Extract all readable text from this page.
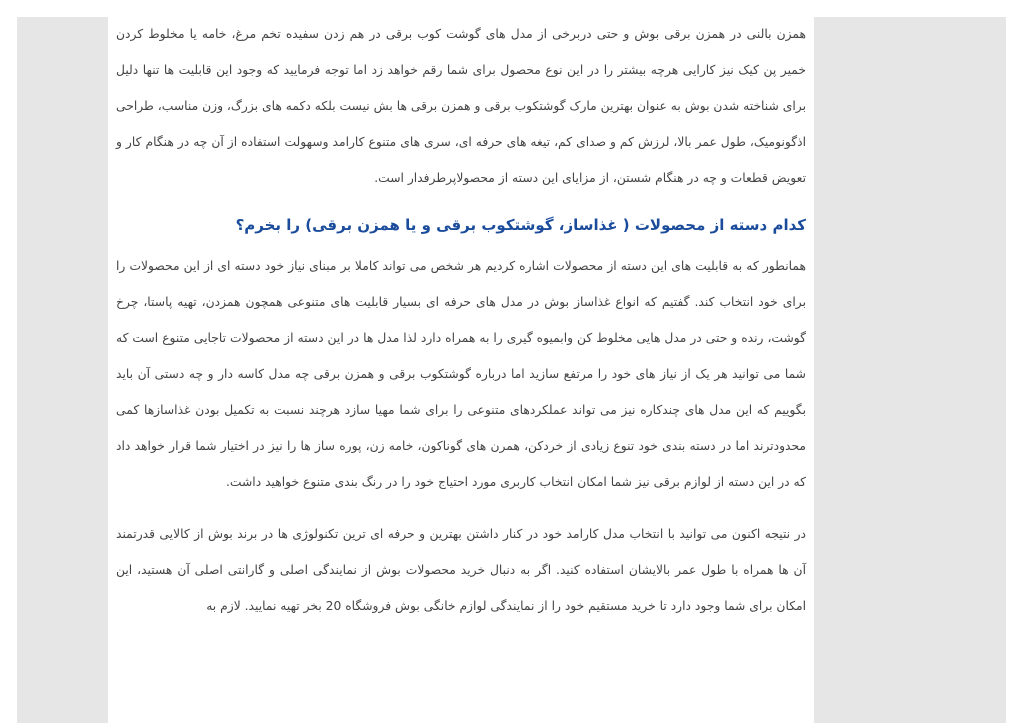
همزن بالنی در همزن برقی بوش و حتی دربرخی از مدل های گوشت کوب برقی در هم زدن سفیده تخم مرغ، خامه یا مخلوط کردن خمیر پن کیک نیز کارایی هرچه بیشتر را در این نوع محصول برای شما رقم خواهد زد اما توجه فرمایید که وجود این قابلیت ها تنها دلیل برای شناخته شدن بوش به عنوان بهترین مارک گوشتکوب برقی و همزن برقی ها بش نیست بلکه دکمه های بزرگ، وزن مناسب، طراحی اذگونومیک، طول عمر بالا، لرزش کم و صدای کم، تیغه های حرفه ای، سری های متنوع کارامد وسهولت استفاده از آن چه در هنگام کار و تعویض قطعات و چه در هنگام شستن، از مزایای این دسته از محصولاپرطرفدار است.

کدام دسته از محصولات ( غذاساز، گوشتکوب برقی و یا همزن برقی) را بخرم؟

همانطور که به قابلیت های این دسته از محصولات اشاره کردیم هر شخص می تواند کاملا بر مبنای نیاز خود دسته ای از این محصولات را برای خود انتخاب کند. گفتیم که انواع غذاساز بوش در مدل های حرفه ای بسیار قابلیت های متنوعی همچون همزدن، تهیه پاستا، چرخ گوشت، رنده و حتی در مدل هایی مخلوط کن وابمیوه گیری را به همراه دارد لذا مدل ها در این دسته از محصولات تاجایی متنوع است که شما می توانید هر یک از نیاز های خود را مرتفع سازید اما درباره گوشتکوب برقی و همزن برقی چه مدل کاسه دار و چه دستی آن باید بگوییم که این مدل های چندکاره نیز می تواند عملکردهای متنوعی را برای شما مهیا سازد هرچند نسبت به تکمیل بودن غذاسازها کمی محدودترند اما در دسته بندی خود تنوع زیادی از خردکن، همرن های گوناکون، خامه زن، پوره ساز ها را نیز در اختیار شما قرار خواهد داد که در این دسته از لوازم برقی نیز شما امکان انتخاب کاربری مورد احتیاج خود را در رنگ بندی متنوع خواهید داشت.

در نتیجه اکنون می توانید با انتخاب مدل کارامد خود در کنار داشتن بهترین و حرفه ای ترین تکنولوژی ها در برند بوش از کالایی قدرتمند آن ها همراه با طول عمر بالایشان استفاده کنید. اگر به دنبال خرید محصولات بوش از نمایندگی اصلی و گارانتی اصلی آن هستید، این امکان برای شما وجود دارد تا خرید مستقیم خود را از نمایندگی لوازم خانگی بوش فروشگاه 20 بخر تهیه نمایید. لازم به
